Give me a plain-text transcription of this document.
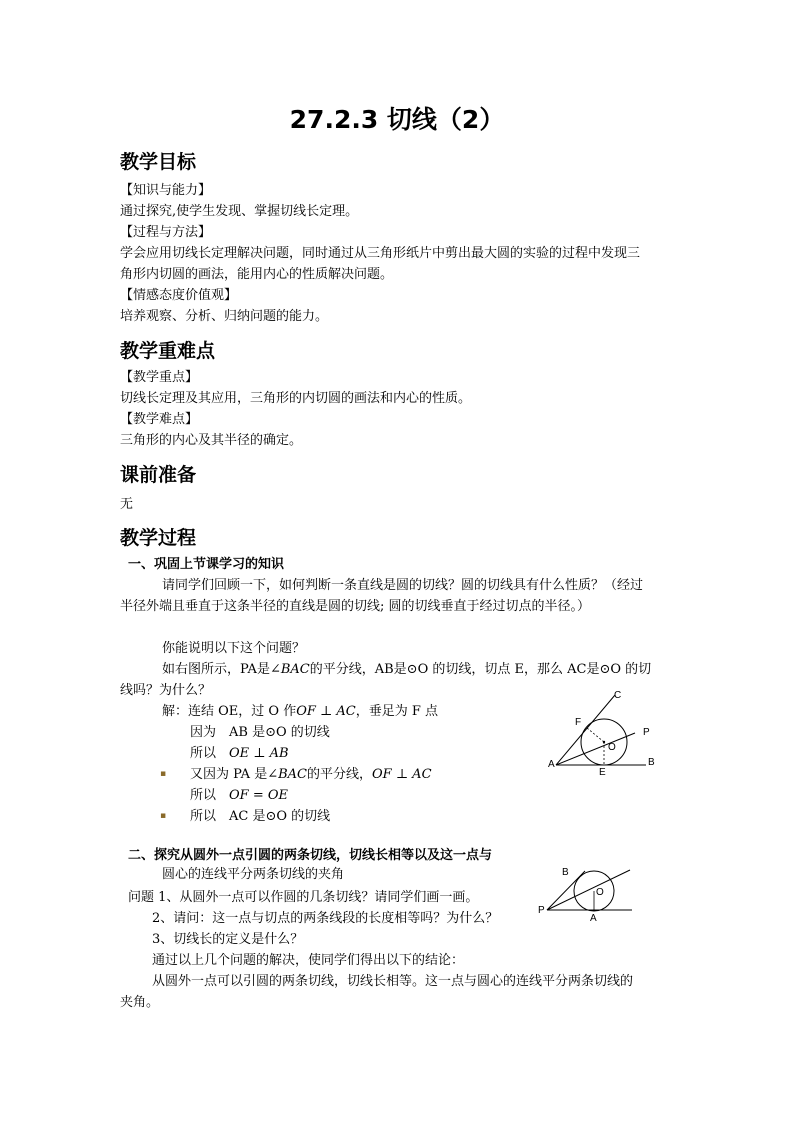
27.2.3 切线（2）
教学目标
【知识与能力】
通过探究,使学生发现、掌握切线长定理。
【过程与方法】
学会应用切线长定理解决问题，同时通过从三角形纸片中剪出最大圆的实验的过程中发现三
角形内切圆的画法，能用内心的性质解决问题。
【情感态度价值观】
培养观察、分析、归纳问题的能力。
教学重难点
【教学重点】
切线长定理及其应用，三角形的内切圆的画法和内心的性质。
【教学难点】
三角形的内心及其半径的确定。
课前准备
无
教学过程
一、巩固上节课学习的知识
请同学们回顾一下，如何判断一条直线是圆的切线？圆的切线具有什么性质？（经过
半径外端且垂直于这条半径的直线是圆的切线; 圆的切线垂直于经过切点的半径。）
你能说明以下这个问题？
如右图所示，PA是∠BAC的平分线，AB是⊙O 的切线，切点 E，那么 AC是⊙O 的切
线吗？为什么？
解：连结 OE，过 O 作OF ⊥ AC，垂足为 F 点
因为　AB 是⊙O 的切线
所以　OE ⊥ AB
▪ 又因为 PA 是∠BAC的平分线，OF ⊥ AC
所以　OF = OE
▪ 所以　AC 是⊙O 的切线
C
F
P
O
A
E
B
二、探究从圆外一点引圆的两条切线，切线长相等以及这一点与
圆心的连线平分两条切线的夹角
问题 1、从圆外一点可以作圆的几条切线？请同学们画一画。
2、请问：这一点与切点的两条线段的长度相等吗？为什么？
3、切线长的定义是什么？
通过以上几个问题的解决，使同学们得出以下的结论：
从圆外一点可以引圆的两条切线，切线长相等。这一点与圆心的连线平分两条切线的
夹角。
B
O
P
A
